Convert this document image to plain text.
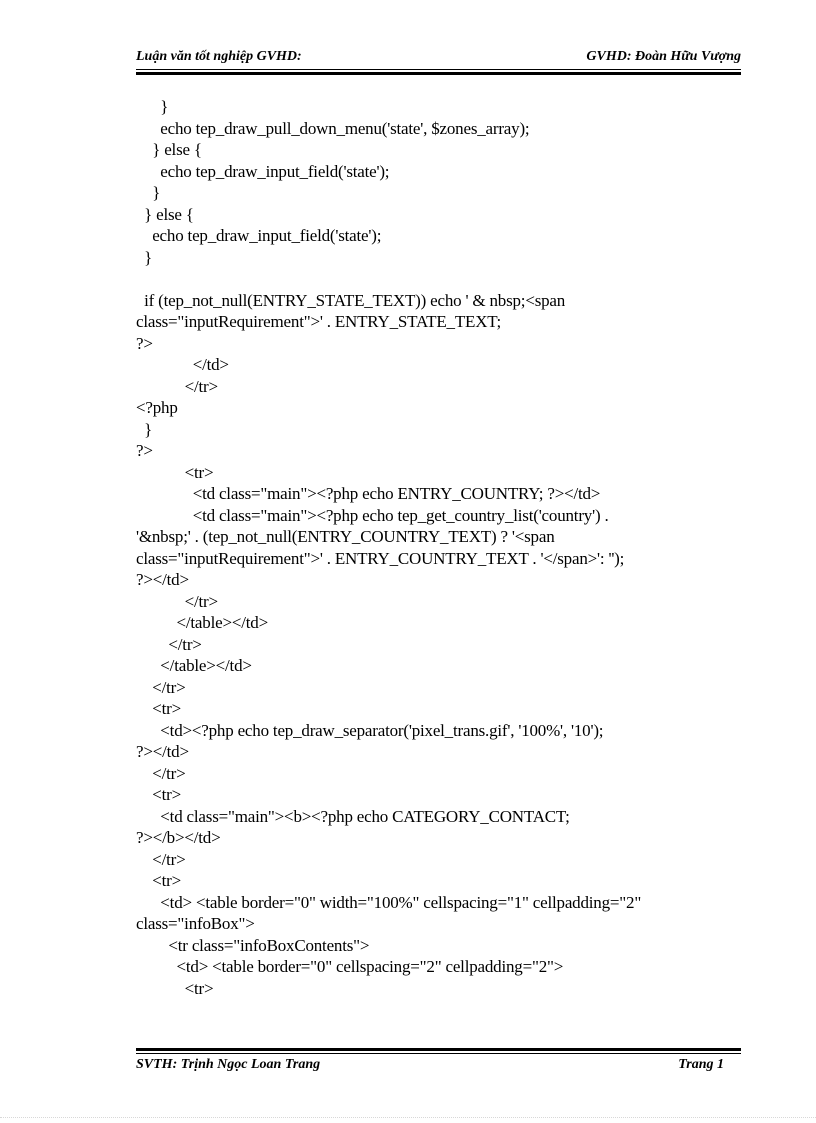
Luận văn tốt nghiệp GVHD:	GVHD: Đoàn Hữu Vượng
}
echo tep_draw_pull_down_menu('state', $zones_array);
} else {
echo tep_draw_input_field('state');
}
} else {
echo tep_draw_input_field('state');
}
if (tep_not_null(ENTRY_STATE_TEXT)) echo ' & nbsp;<span
class="inputRequirement">' . ENTRY_STATE_TEXT;
?>
</td>
</tr>
<?php
}
?>
<tr>
<td class="main"><?php echo ENTRY_COUNTRY; ?></td>
<td class="main"><?php echo tep_get_country_list('country') .
'&nbsp;' . (tep_not_null(ENTRY_COUNTRY_TEXT) ? '<span
class="inputRequirement">' . ENTRY_COUNTRY_TEXT . '</span>': '');
?></td>
</tr>
</table></td>
</tr>
</table></td>
</tr>
<tr>
<td><?php echo tep_draw_separator('pixel_trans.gif', '100%', '10');
?></td>
</tr>
<tr>
<td class="main"><b><?php echo CATEGORY_CONTACT;
?></b></td>
</tr>
<tr>
<td> <table border="0" width="100%" cellspacing="1" cellpadding="2"
class="infoBox">
<tr class="infoBoxContents">
<td> <table border="0" cellspacing="2" cellpadding="2">
<tr>
SVTH: Trịnh Ngọc Loan Trang	Trang 1
